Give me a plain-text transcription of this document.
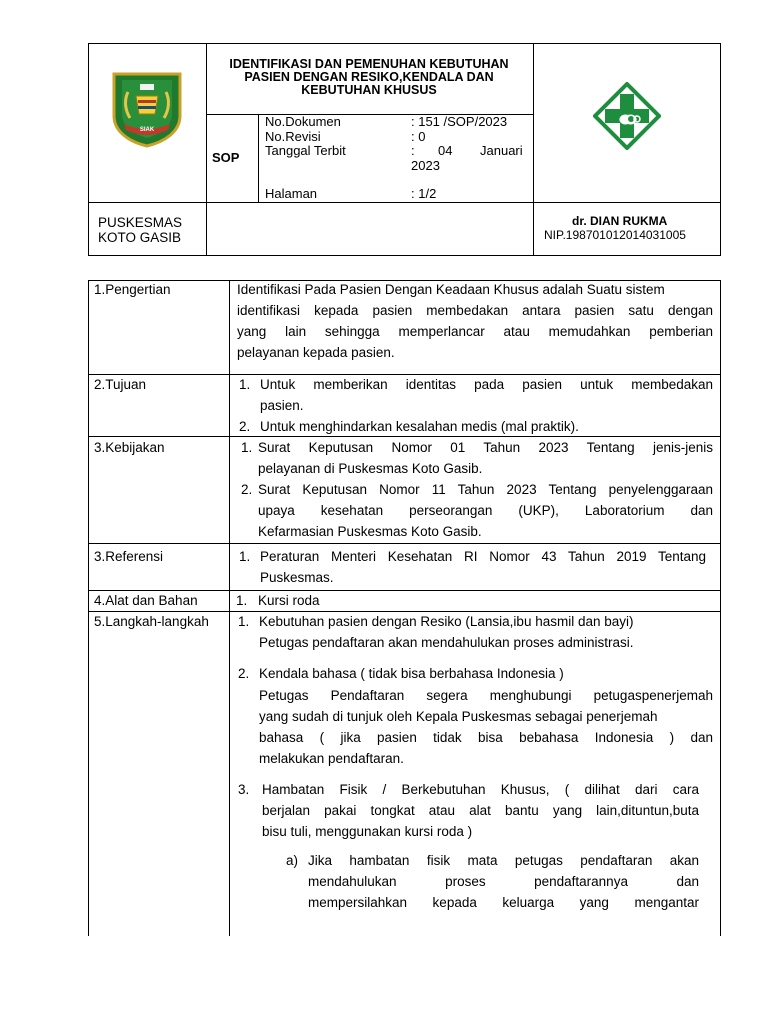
SIAK
IDENTIFIKASI DAN PEMENUHAN KEBUTUHAN PASIEN DENGAN RESIKO,KENDALA DAN KEBUTUHAN KHUSUS
SOP
No.Dokumen	: 151 /SOP/2023
No.Revisi	: 0
Tanggal Terbit	: 04 Januari
2023
Halaman	: 1/2
PUSKESMAS
KOTO GASIB
dr. DIAN RUKMA
NIP.198701012014031005
1.Pengertian	Identifikasi Pada Pasien Dengan Keadaan Khusus adalah Suatu sistem
identifikasi kepada pasien membedakan antara pasien satu dengan
yang lain sehingga memperlancar atau memudahkan pemberian
pelayanan kepada pasien.
2.Tujuan	1. Untuk memberikan identitas pada pasien untuk membedakan
pasien.
2. Untuk menghindarkan kesalahan medis (mal praktik).
3.Kebijakan	1. Surat Keputusan Nomor 01 Tahun 2023 Tentang jenis-jenis
pelayanan di Puskesmas Koto Gasib.
2. Surat Keputusan Nomor 11 Tahun 2023 Tentang penyelenggaraan
upaya kesehatan perseorangan (UKP), Laboratorium dan
Kefarmasian Puskesmas Koto Gasib.
3.Referensi	1. Peraturan Menteri Kesehatan RI Nomor 43 Tahun 2019 Tentang
Puskesmas.
4.Alat dan Bahan	1. Kursi roda
5.Langkah-langkah 1. Kebutuhan pasien dengan Resiko (Lansia,ibu hasmil dan bayi)
Petugas pendaftaran akan mendahulukan proses administrasi.
2. Kendala bahasa ( tidak bisa berbahasa Indonesia )
Petugas Pendaftaran segera menghubungi petugaspenerjemah
yang sudah di tunjuk oleh Kepala Puskesmas sebagai penerjemah
bahasa ( jika pasien tidak bisa bebahasa Indonesia ) dan
melakukan pendaftaran.
3. Hambatan Fisik / Berkebutuhan Khusus, ( dilihat dari cara
berjalan pakai tongkat atau alat bantu yang lain,dituntun,buta
bisu tuli, menggunakan kursi roda )
a) Jika hambatan fisik mata petugas pendaftaran akan
mendahulukan proses pendaftarannya dan
mempersilahkan kepada keluarga yang mengantar
